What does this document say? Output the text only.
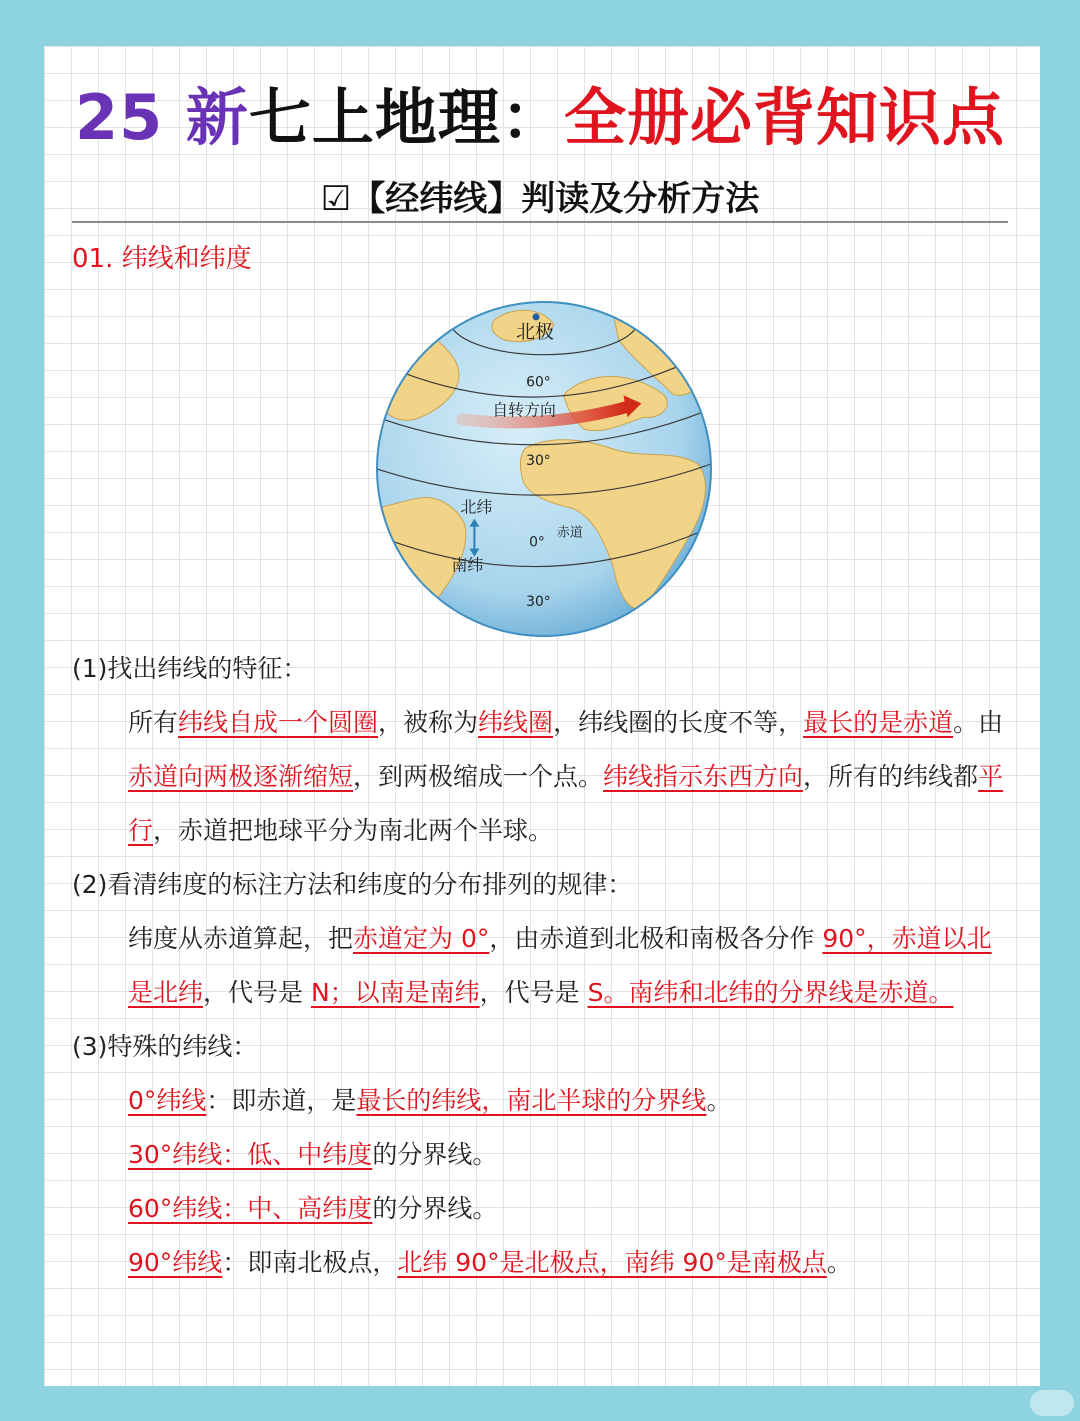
25 新七上地理：全册必背知识点
☑【经纬线】判读及分析方法
01. 纬线和纬度
北极
60°
自转方向
30°
北纬
赤道
0°
南纬
30°

(1)找出纬线的特征：

所有纬线自成一个圆圈，被称为纬线圈，纬线圈的长度不等，最长的是赤道。由赤道向两极逐渐缩短，到两极缩成一个点。纬线指示东西方向，所有的纬线都平行，赤道把地球平分为南北两个半球。

(2)看清纬度的标注方法和纬度的分布排列的规律：

纬度从赤道算起，把赤道定为 0°，由赤道到北极和南极各分作 90°，赤道以北是北纬，代号是 N；以南是南纬，代号是 S。南纬和北纬的分界线是赤道。

(3)特殊的纬线：

0°纬线：即赤道，是最长的纬线，南北半球的分界线。

30°纬线：低、中纬度的分界线。

60°纬线：中、高纬度的分界线。

90°纬线：即南北极点，北纬 90°是北极点，南纬 90°是南极点。
